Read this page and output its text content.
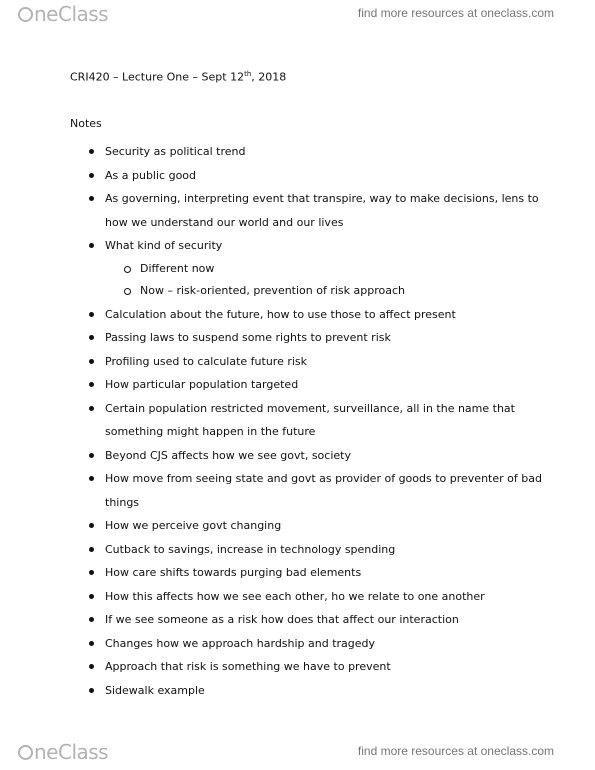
neClass	find more resources at oneclass.com
CRI420 – Lecture One – Sept 12th, 2018
Notes
Security as political trend
As a public good
As governing, interpreting event that transpire, way to make decisions, lens to how we understand our world and our lives
What kind of security
Different now
Now – risk-oriented, prevention of risk approach
Calculation about the future, how to use those to affect present
Passing laws to suspend some rights to prevent risk
Profiling used to calculate future risk
How particular population targeted
Certain population restricted movement, surveillance, all in the name that something might happen in the future
Beyond CJS affects how we see govt, society
How move from seeing state and govt as provider of goods to preventer of bad things
How we perceive govt changing
Cutback to savings, increase in technology spending
How care shifts towards purging bad elements
How this affects how we see each other, ho we relate to one another
If we see someone as a risk how does that affect our interaction
Changes how we approach hardship and tragedy
Approach that risk is something we have to prevent
Sidewalk example
neClass	find more resources at oneclass.com
